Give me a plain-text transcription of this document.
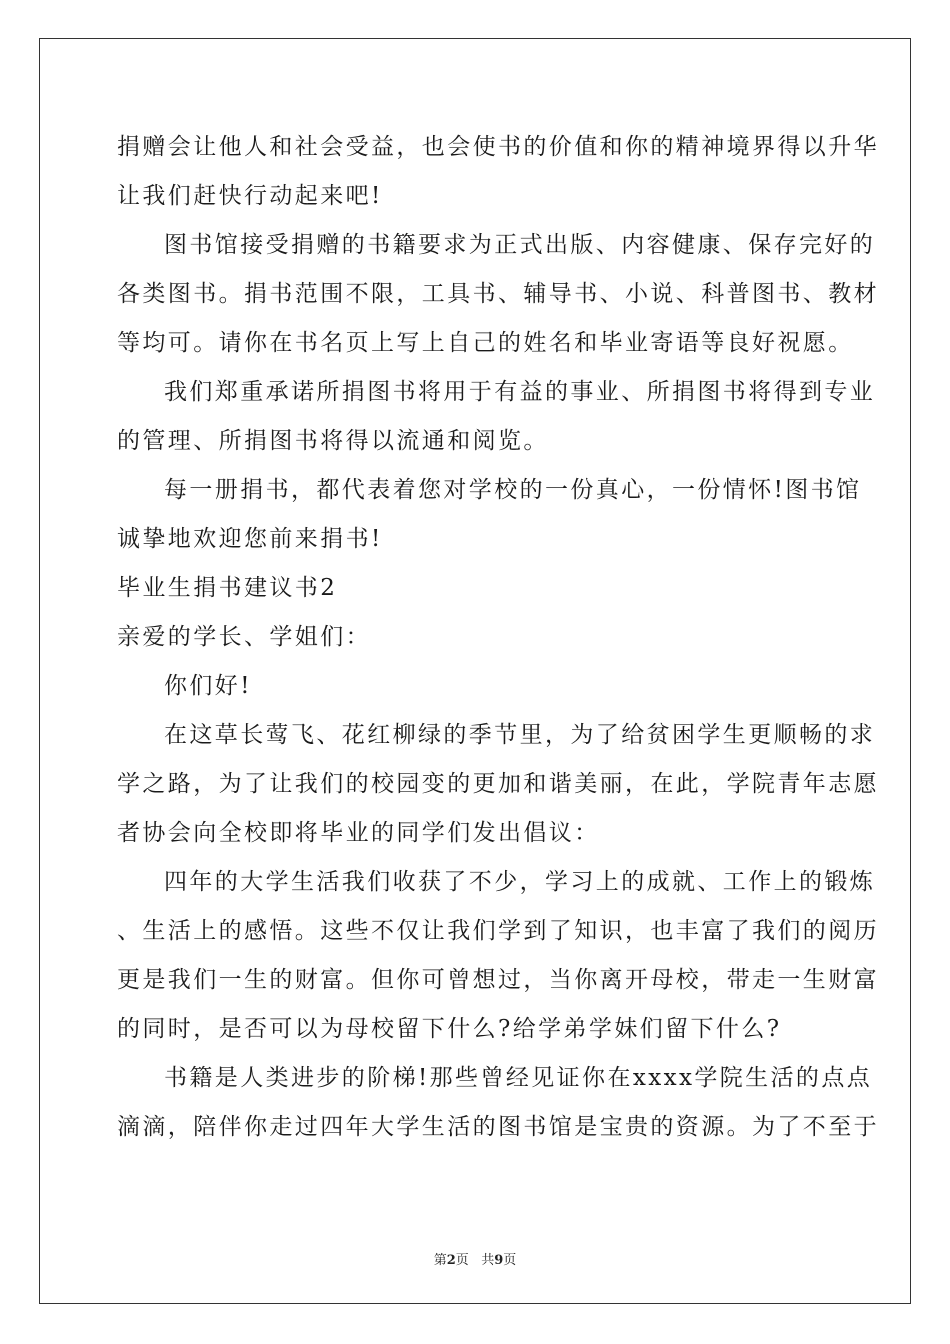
捐赠会让他人和社会受益，也会使书的价值和你的精神境界得以升华
让我们赶快行动起来吧!
图书馆接受捐赠的书籍要求为正式出版、内容健康、保存完好的
各类图书。捐书范围不限，工具书、辅导书、小说、科普图书、教材
等均可。请你在书名页上写上自己的姓名和毕业寄语等良好祝愿。
我们郑重承诺所捐图书将用于有益的事业、所捐图书将得到专业
的管理、所捐图书将得以流通和阅览。
每一册捐书，都代表着您对学校的一份真心，一份情怀!图书馆
诚挚地欢迎您前来捐书!
毕业生捐书建议书2
亲爱的学长、学姐们：
你们好!
在这草长莺飞、花红柳绿的季节里，为了给贫困学生更顺畅的求
学之路，为了让我们的校园变的更加和谐美丽，在此，学院青年志愿
者协会向全校即将毕业的同学们发出倡议：
四年的大学生活我们收获了不少，学习上的成就、工作上的锻炼
、生活上的感悟。这些不仅让我们学到了知识，也丰富了我们的阅历
更是我们一生的财富。但你可曾想过，当你离开母校，带走一生财富
的同时，是否可以为母校留下什么?给学弟学妹们留下什么?
书籍是人类进步的阶梯!那些曾经见证你在xxxx学院生活的点点
滴滴，陪伴你走过四年大学生活的图书馆是宝贵的资源。为了不至于
第2页 共9页
